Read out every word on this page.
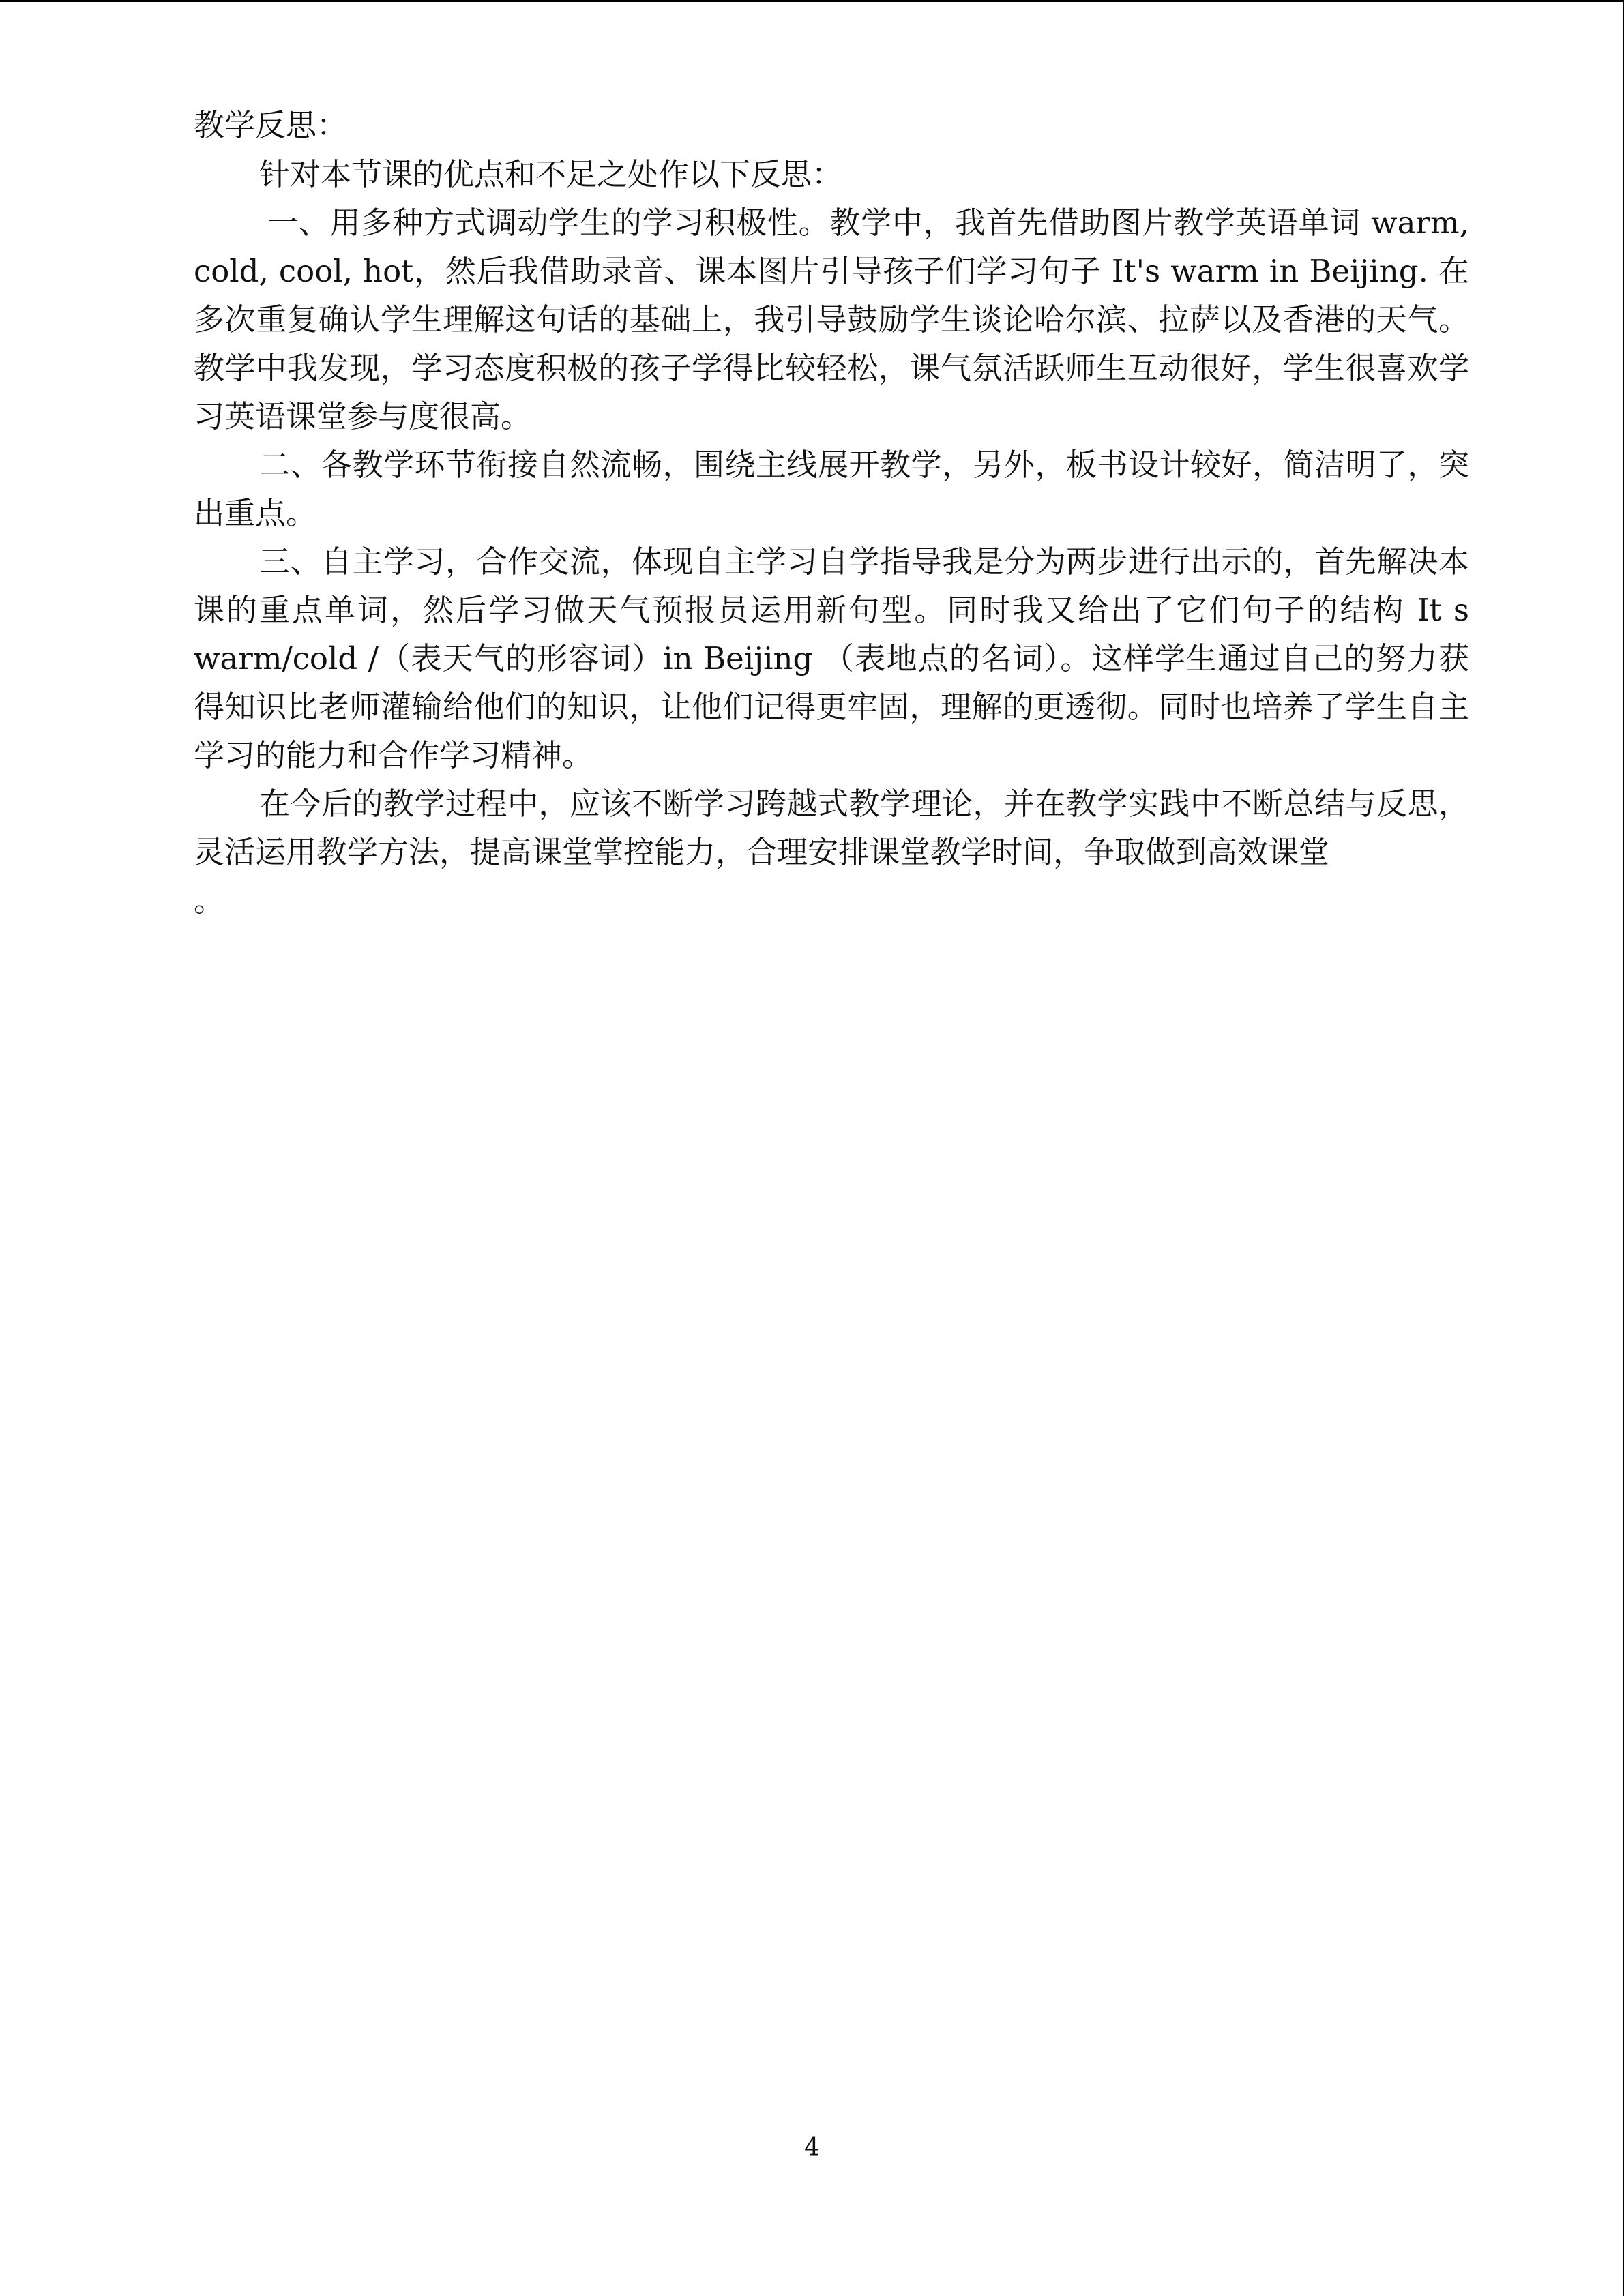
教学反思：

针对本节课的优点和不足之处作以下反思：

一、用多种方式调动学生的学习积极性。教学中，我首先借助图片教学英语单词 warm, cold, cool, hot，然后我借助录音、课本图片引导孩子们学习句子 It's warm in Beijing. 在多次重复确认学生理解这句话的基础上，我引导鼓励学生谈论哈尔滨、拉萨以及香港的天气。教学中我发现，学习态度积极的孩子学得比较轻松，课气氛活跃师生互动很好，学生很喜欢学习英语课堂参与度很高。

二、各教学环节衔接自然流畅，围绕主线展开教学，另外，板书设计较好，简洁明了，突出重点。

三、自主学习，合作交流，体现自主学习自学指导我是分为两步进行出示的，首先解决本课的重点单词，然后学习做天气预报员运用新句型。同时我又给出了它们句子的结构 It s warm/cold /（表天气的形容词）in Beijing （表地点的名词）。这样学生通过自己的努力获得知识比老师灌输给他们的知识，让他们记得更牢固，理解的更透彻。同时也培养了学生自主学习的能力和合作学习精神。

在今后的教学过程中，应该不断学习跨越式教学理论，并在教学实践中不断总结与反思，灵活运用教学方法，提高课堂掌控能力，合理安排课堂教学时间，争取做到高效课堂

。

4
